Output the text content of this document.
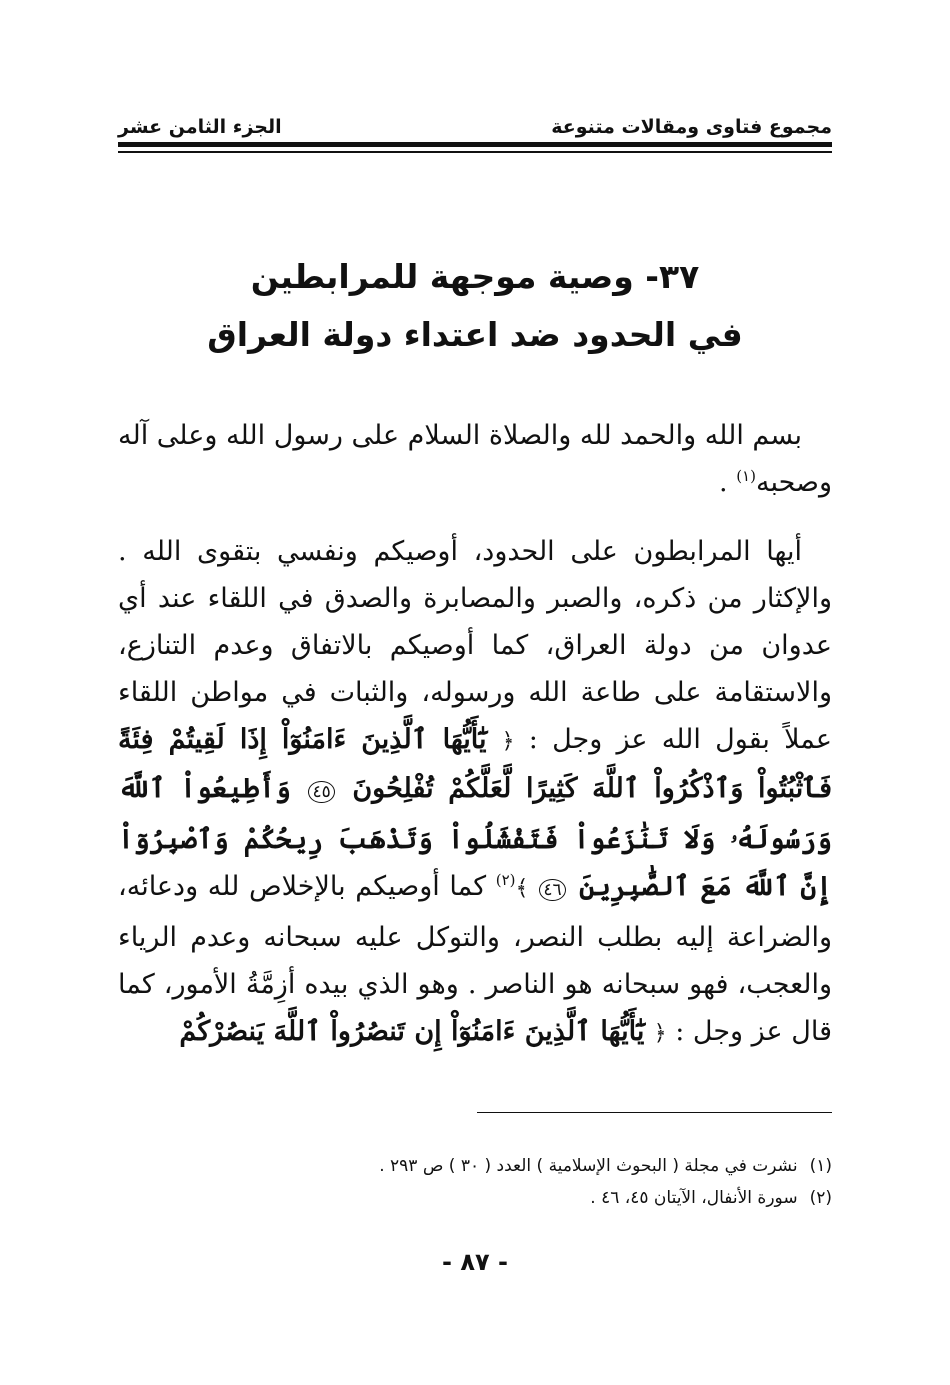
مجموع فتاوى ومقالات متنوعة
الجزء الثامن عشر
٣٧- وصية موجهة للمرابطين
في الحدود ضد اعتداء دولة العراق

بسم الله والحمد لله والصلاة السلام على رسول الله وعلى آله وصحبه$^{(١)}$ .

أيها المرابطون على الحدود، أوصيكم ونفسي بتقوى الله . والإكثار من ذكره، والصبر والمصابرة والصدق في اللقاء عند أي عدوان من دولة العراق، كما أوصيكم بالاتفاق وعدم التنازع، والاستقامة على طاعة الله ورسوله، والثبات في مواطن اللقاء عملاً بقول الله عز وجل : ﴿ يَٰٓأَيُّهَا ٱلَّذِينَ ءَامَنُوٓاْ إِذَا لَقِيتُمْ فِئَةً فَٱثْبُتُواْ وَٱذْكُرُواْ ٱللَّهَ كَثِيرًا لَّعَلَّكُمْ تُفْلِحُونَ ٤٥ وَأَطِيعُواْ ٱللَّهَ وَرَسُولَهُۥ وَلَا تَنَٰزَعُواْ فَتَفْشَلُواْ وَتَذْهَبَ رِيحُكُمْ وَٱصْبِرُوٓاْ إِنَّ ٱللَّهَ مَعَ ٱلصَّٰبِرِينَ ٤٦ ﴾$^{(٢)}$ كما أوصيكم بالإخلاص لله ودعائه، والضراعة إليه بطلب النصر، والتوكل عليه سبحانه وعدم الرياء والعجب، فهو سبحانه هو الناصر . وهو الذي بيده أزِمَّةُ الأمور، كما قال عز وجل : ﴿ يَٰٓأَيُّهَا ٱلَّذِينَ ءَامَنُوٓاْ إِن تَنصُرُواْ ٱللَّهَ يَنصُرْكُمْ

(١)نشرت في مجلة ( البحوث الإسلامية ) العدد ( ٣٠ ) ص ٢٩٣ .
(٢)سورة الأنفال، الآيتان ٤٥، ٤٦ .
- ٨٧ -
